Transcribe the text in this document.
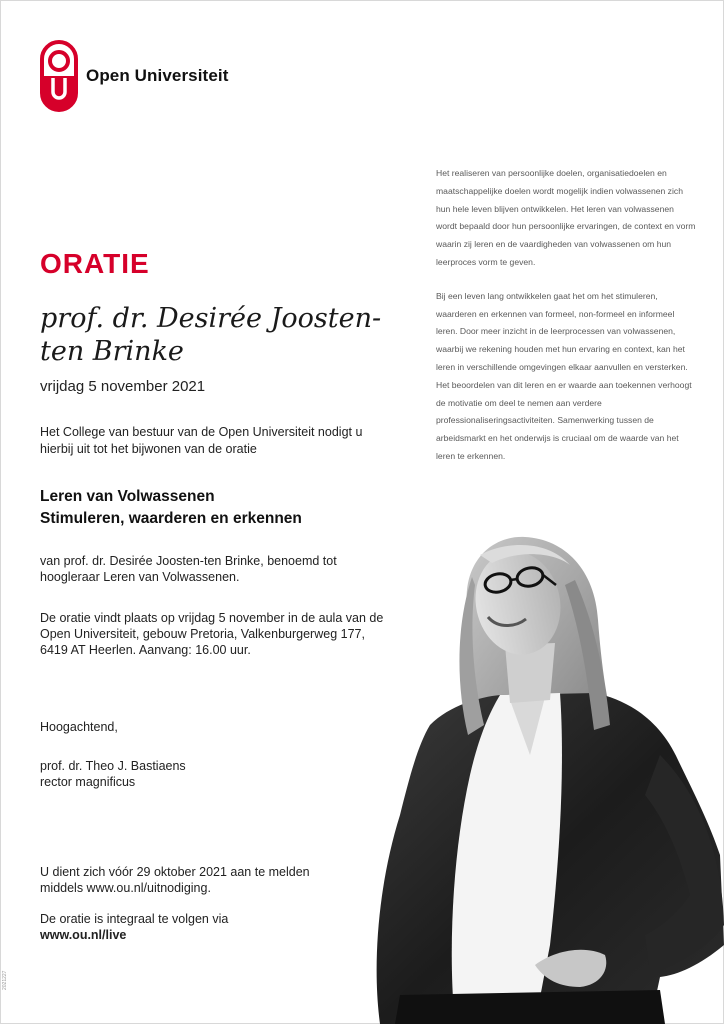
Open Universiteit
ORATIE
prof. dr. Desirée Joosten-ten Brinke
vrijdag 5 november 2021
Het College van bestuur van de Open Universiteit nodigt u hierbij uit tot het bijwonen van de oratie
Leren van Volwassenen
Stimuleren, waarderen en erkennen
van prof. dr. Desirée Joosten-ten Brinke, benoemd tot hoogleraar Leren van Volwassenen.
De oratie vindt plaats op vrijdag 5 november in de aula van de Open Universiteit, gebouw Pretoria, Valkenburgerweg 177, 6419 AT Heerlen. Aanvang: 16.00 uur.
Hoogachtend,
prof. dr. Theo J. Bastiaens
rector magnificus
U dient zich vóór 29 oktober 2021 aan te melden middels www.ou.nl/uitnodiging.
De oratie is integraal te volgen via
www.ou.nl/live

Het realiseren van persoonlijke doelen, organisatiedoelen en maatschappelijke doelen wordt mogelijk indien volwassenen zich hun hele leven blijven ontwikkelen. Het leren van volwassenen wordt bepaald door hun persoonlijke ervaringen, de context en vorm waarin zij leren en de vaardigheden van volwassenen om hun leerproces vorm te geven.

Bij een leven lang ontwikkelen gaat het om het stimuleren, waarderen en erkennen van formeel, non-formeel en informeel leren. Door meer inzicht in de leerprocessen van volwassenen, waarbij we rekening houden met hun ervaring en context, kan het leren in verschillende omgevingen elkaar aanvullen en versterken. Het beoordelen van dit leren en er waarde aan toekennen verhoogt de motivatie om deel te nemen aan verdere professionaliseringsactiviteiten. Samenwerking tussen de arbeidsmarkt en het onderwijs is cruciaal om de waarde van het leren te erkennen.

2021227
